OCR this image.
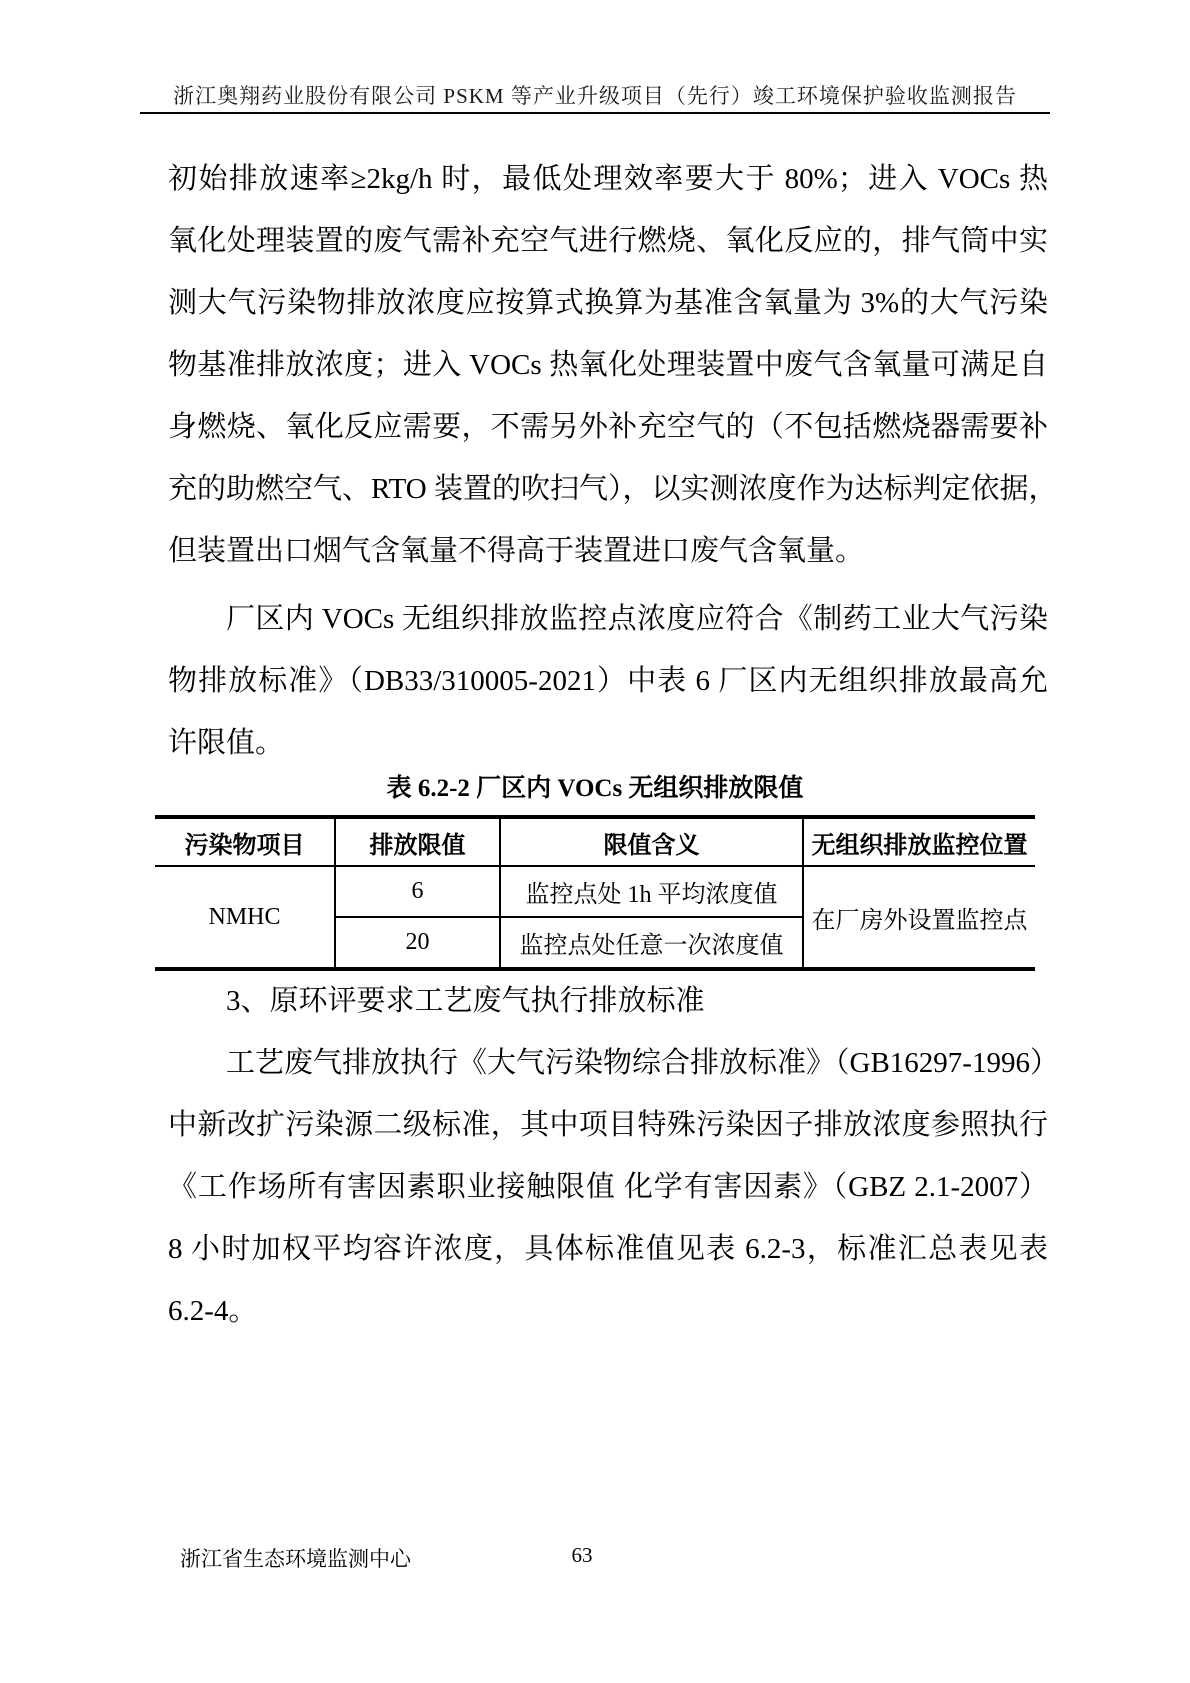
浙江奥翔药业股份有限公司 PSKM 等产业升级项目（先行）竣工环境保护验收监测报告
初始排放速率≥2kg/h 时，最低处理效率要大于 80%；进入 VOCs 热
氧化处理装置的废气需补充空气进行燃烧、氧化反应的，排气筒中实
测大气污染物排放浓度应按算式换算为基准含氧量为 3%的大气污染
物基准排放浓度；进入 VOCs 热氧化处理装置中废气含氧量可满足自
身燃烧、氧化反应需要，不需另外补充空气的（不包括燃烧器需要补
充的助燃空气、RTO 装置的吹扫气），以实测浓度作为达标判定依据，
但装置出口烟气含氧量不得高于装置进口废气含氧量。
厂区内 VOCs 无组织排放监控点浓度应符合《制药工业大气污染
物排放标准》（DB33/310005-2021）中表 6 厂区内无组织排放最高允
许限值。
表 6.2-2 厂区内 VOCs 无组织排放限值
污染物项目	排放限值	限值含义	无组织排放监控位置
NMHC	6	监控点处 1h 平均浓度值	在厂房外设置监控点
	20	监控点处任意一次浓度值	
3、原环评要求工艺废气执行排放标准
工艺废气排放执行《大气污染物综合排放标准》（GB16297-1996）
中新改扩污染源二级标准，其中项目特殊污染因子排放浓度参照执行
《工作场所有害因素职业接触限值 化学有害因素》（GBZ 2.1-2007）
8 小时加权平均容许浓度，具体标准值见表 6.2-3，标准汇总表见表
6.2-4。
浙江省生态环境监测中心	63
